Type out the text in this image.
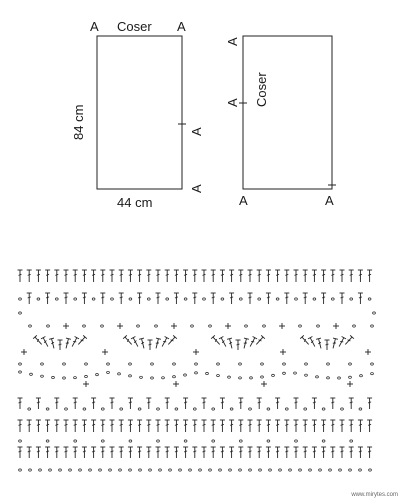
A Coser A
84 cm
44 cm
A
A
A
A Coser
A	A
www.mirytes.com
